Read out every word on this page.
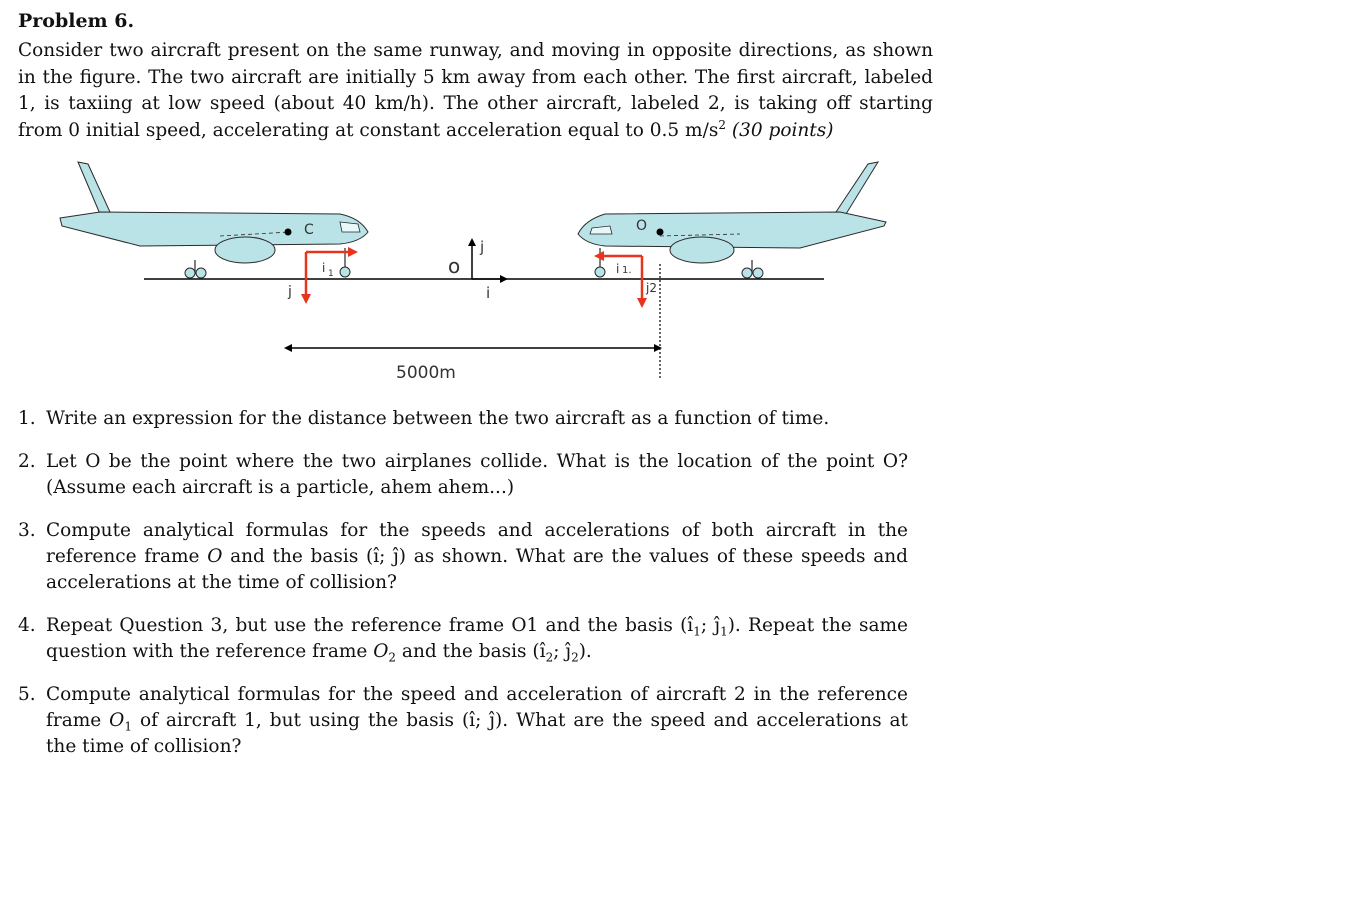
Problem 6.

Consider two aircraft present on the same runway, and moving in opposite directions, as shown in the figure. The two aircraft are initially 5 km away from each other. The first aircraft, labeled 1, is taxiing at low speed (about 40 km/h). The other aircraft, labeled 2, is taking off starting from 0 initial speed, accelerating at constant acceleration equal to 0.5 $m/s^2$ (30 points)

C
j
i 1	o
j
i
O
i 1.
j2
5000m
1. Write an expression for the distance between the two aircraft as a function of time.
2. Let O be the point where the two airplanes collide. What is the location of the point O? (Assume each aircraft is a particle, ahem ahem...)
3. Compute analytical formulas for the speeds and accelerations of both aircraft in the reference frame O and the basis (î; ĵ) as shown. What are the values of these speeds and accelerations at the time of collision?
4. Repeat Question 3, but use the reference frame O1 and the basis ($î_1$; $ĵ_1$). Repeat the same question with the reference frame $O_2$ and the basis ($î_2$; $ĵ_2$).
5. Compute analytical formulas for the speed and acceleration of aircraft 2 in the reference frame $O_1$ of aircraft 1, but using the basis (î; ĵ). What are the speed and accelerations at the time of collision?
